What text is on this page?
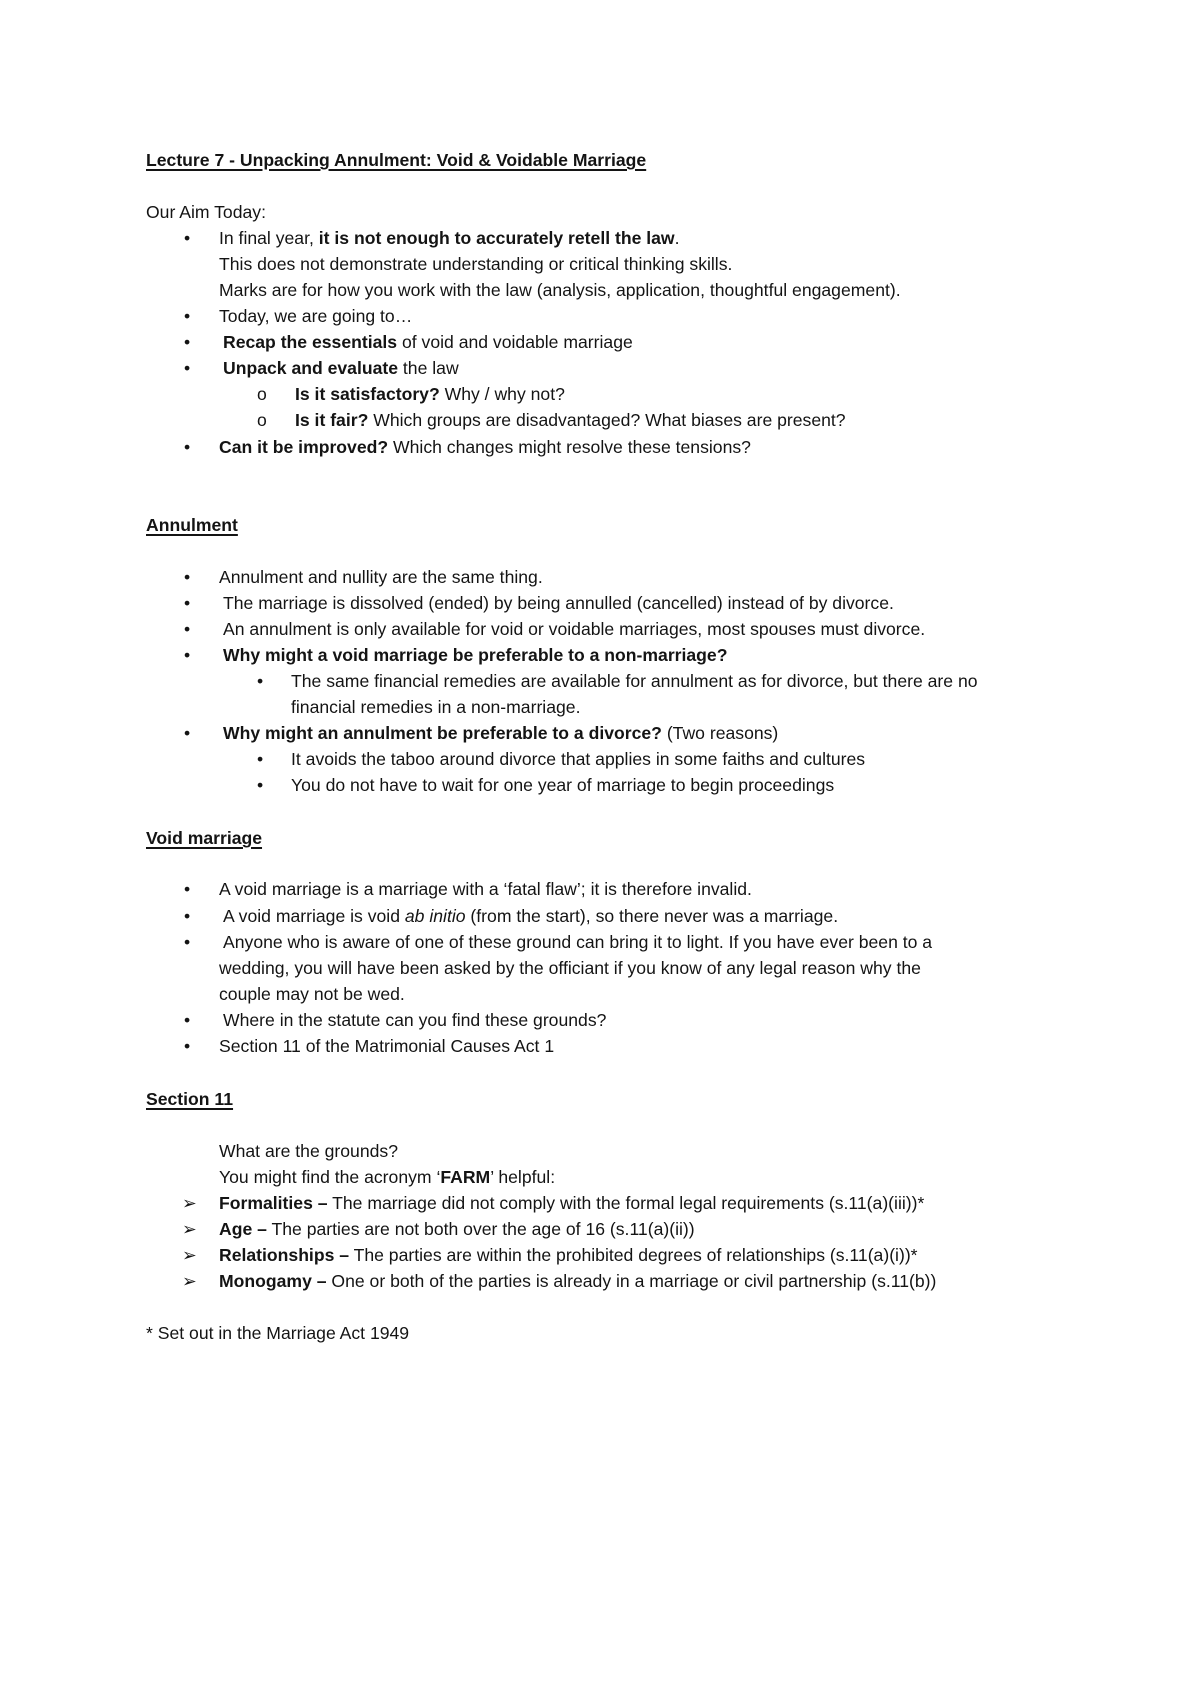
Lecture 7 - Unpacking Annulment: Void & Voidable Marriage
Our Aim Today:
• In final year, it is not enough to accurately retell the law.
This does not demonstrate understanding or critical thinking skills.
Marks are for how you work with the law (analysis, application, thoughtful engagement).
• Today, we are going to…
• Recap the essentials of void and voidable marriage
• Unpack and evaluate the law
o Is it satisfactory? Why / why not?
o Is it fair? Which groups are disadvantaged? What biases are present?
• Can it be improved? Which changes might resolve these tensions?
Annulment
• Annulment and nullity are the same thing.
• The marriage is dissolved (ended) by being annulled (cancelled) instead of by divorce.
• An annulment is only available for void or voidable marriages, most spouses must divorce.
• Why might a void marriage be preferable to a non-marriage?
• The same financial remedies are available for annulment as for divorce, but there are no
financial remedies in a non-marriage.
• Why might an annulment be preferable to a divorce? (Two reasons)
• It avoids the taboo around divorce that applies in some faiths and cultures
• You do not have to wait for one year of marriage to begin proceedings
Void marriage
• A void marriage is a marriage with a ‘fatal flaw’; it is therefore invalid.
• A void marriage is void ab initio (from the start), so there never was a marriage.
• Anyone who is aware of one of these ground can bring it to light. If you have ever been to a
wedding, you will have been asked by the officiant if you know of any legal reason why the
couple may not be wed.
• Where in the statute can you find these grounds?
• Section 11 of the Matrimonial Causes Act 1
Section 11
What are the grounds?
You might find the acronym ‘FARM’ helpful:
➢ Formalities – The marriage did not comply with the formal legal requirements (s.11(a)(iii))*
➢ Age – The parties are not both over the age of 16 (s.11(a)(ii))
➢ Relationships – The parties are within the prohibited degrees of relationships (s.11(a)(i))*
➢ Monogamy – One or both of the parties is already in a marriage or civil partnership (s.11(b))
* Set out in the Marriage Act 1949
